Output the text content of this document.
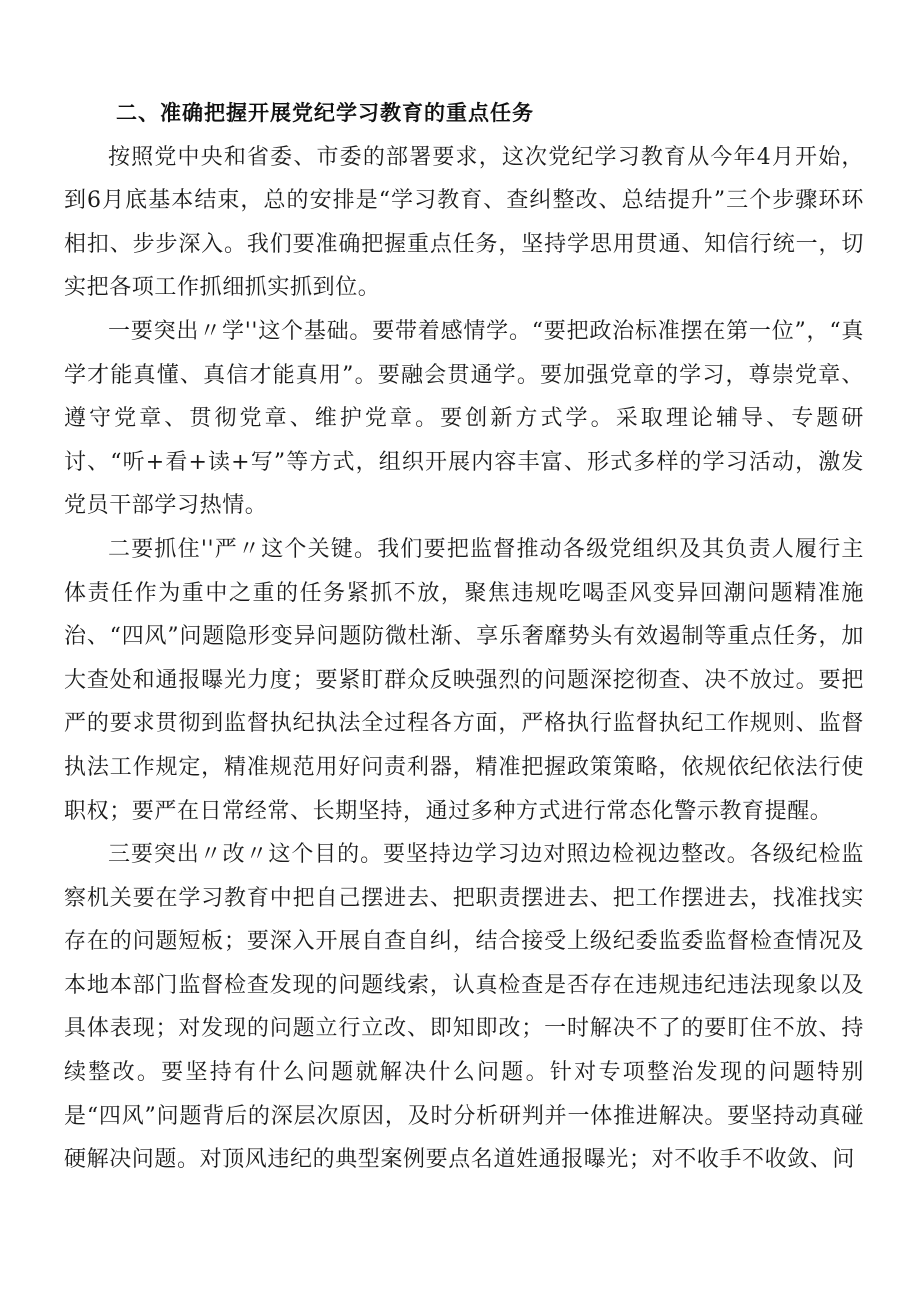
二、准确把握开展党纪学习教育的重点任务

按照党中央和省委、市委的部署要求，这次党纪学习教育从今年4月开始，到6月底基本结束，总的安排是“学习教育、查纠整改、总结提升”三个步骤环环相扣、步步深入。我们要准确把握重点任务，坚持学思用贯通、知信行统一，切实把各项工作抓细抓实抓到位。

一要突出〃学''这个基础。要带着感情学。“要把政治标准摆在第一位”，“真学才能真懂、真信才能真用”。要融会贯通学。要加强党章的学习，尊崇党章、遵守党章、贯彻党章、维护党章。要创新方式学。采取理论辅导、专题研讨、“听+看+读+写”等方式，组织开展内容丰富、形式多样的学习活动，激发党员干部学习热情。

二要抓住''严〃这个关键。我们要把监督推动各级党组织及其负责人履行主体责任作为重中之重的任务紧抓不放，聚焦违规吃喝歪风变异回潮问题精准施治、“四风”问题隐形变异问题防微杜渐、享乐奢靡势头有效遏制等重点任务，加大查处和通报曝光力度；要紧盯群众反映强烈的问题深挖彻查、决不放过。要把严的要求贯彻到监督执纪执法全过程各方面，严格执行监督执纪工作规则、监督执法工作规定，精准规范用好问责利器，精准把握政策策略，依规依纪依法行使职权；要严在日常经常、长期坚持，通过多种方式进行常态化警示教育提醒。

三要突出〃改〃这个目的。要坚持边学习边对照边检视边整改。各级纪检监察机关要在学习教育中把自己摆进去、把职责摆进去、把工作摆进去，找准找实存在的问题短板；要深入开展自查自纠，结合接受上级纪委监委监督检查情况及本地本部门监督检查发现的问题线索，认真检查是否存在违规违纪违法现象以及具体表现；对发现的问题立行立改、即知即改；一时解决不了的要盯住不放、持续整改。要坚持有什么问题就解决什么问题。针对专项整治发现的问题特别是“四风”问题背后的深层次原因，及时分析研判并一体推进解决。要坚持动真碰硬解决问题。对顶风违纪的典型案例要点名道姓通报曝光；对不收手不收敛、问
